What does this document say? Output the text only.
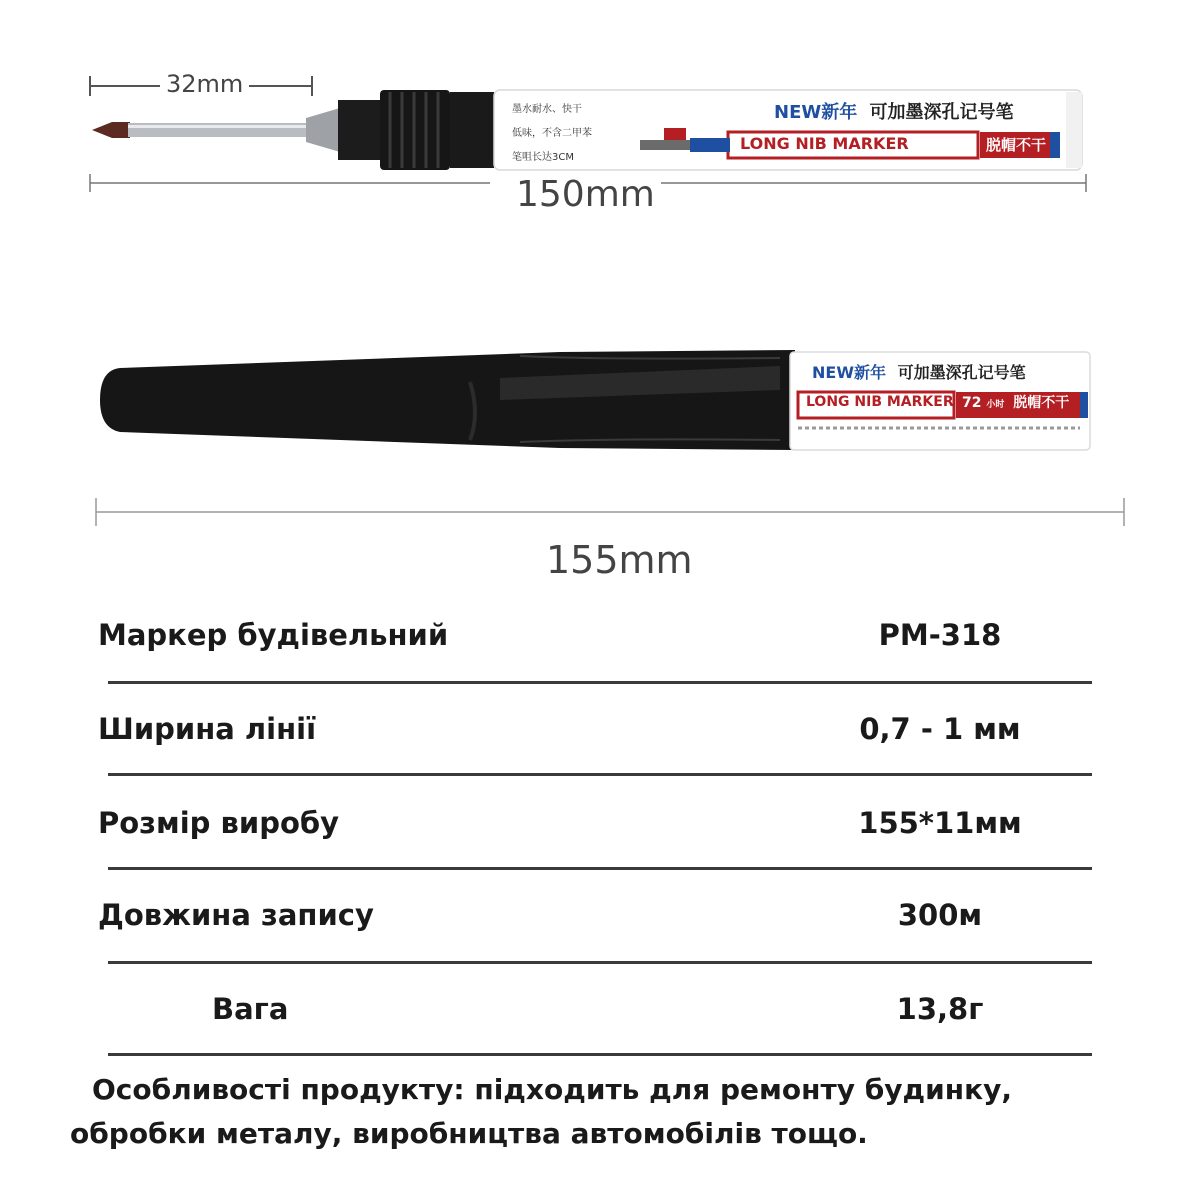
32mm
150mm
NEW新年 可加墨深孔记号笔
LONG NIB MARKER	脱帽不干
墨水耐水、快干
低味，不含二甲苯
笔咀长达3CM
NEW新年 可加墨深孔记号笔
LONG NIB MARKER 72 小时 脱帽不干
155mm
Маркер будівельний	PM-318
Ширина лінії	0,7 - 1 мм
Розмір виробу	155*11мм
Довжина запису	300м
Вага	13,8г
Особливості продукту: підходить для ремонту будинку, обробки металу, виробництва автомобілів тощо.
